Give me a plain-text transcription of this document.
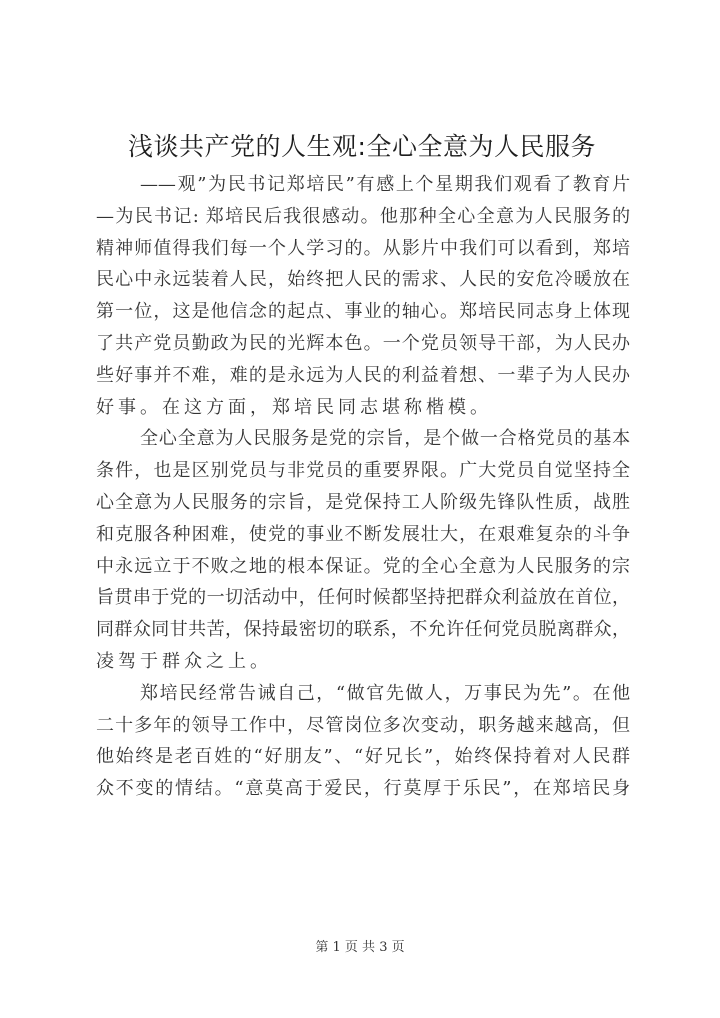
浅谈共产党的人生观:全心全意为人民服务
——观”为民书记郑培民”有感上个星期我们观看了教育片
—为民书记: 郑培民后我很感动。他那种全心全意为人民服务的
精神师值得我们每一个人学习的。从影片中我们可以看到，郑培
民心中永远装着人民，始终把人民的需求、人民的安危冷暖放在
第一位，这是他信念的起点、事业的轴心。郑培民同志身上体现
了共产党员勤政为民的光辉本色。一个党员领导干部，为人民办
些好事并不难，难的是永远为人民的利益着想、一辈子为人民办
好事。在这方面，郑培民同志堪称楷模。
全心全意为人民服务是党的宗旨，是个做一合格党员的基本
条件，也是区别党员与非党员的重要界限。广大党员自觉坚持全
心全意为人民服务的宗旨，是党保持工人阶级先锋队性质，战胜
和克服各种困难，使党的事业不断发展壮大，在艰难复杂的斗争
中永远立于不败之地的根本保证。党的全心全意为人民服务的宗
旨贯串于党的一切活动中，任何时候都坚持把群众利益放在首位，
同群众同甘共苦，保持最密切的联系，不允许任何党员脱离群众，
凌驾于群众之上。
郑培民经常告诫自己，“做官先做人，万事民为先”。在他
二十多年的领导工作中，尽管岗位多次变动，职务越来越高，但
他始终是老百姓的“好朋友”、“好兄长”，始终保持着对人民群
众不变的情结。“意莫高于爱民，行莫厚于乐民”，在郑培民身
第 1 页 共 3 页
